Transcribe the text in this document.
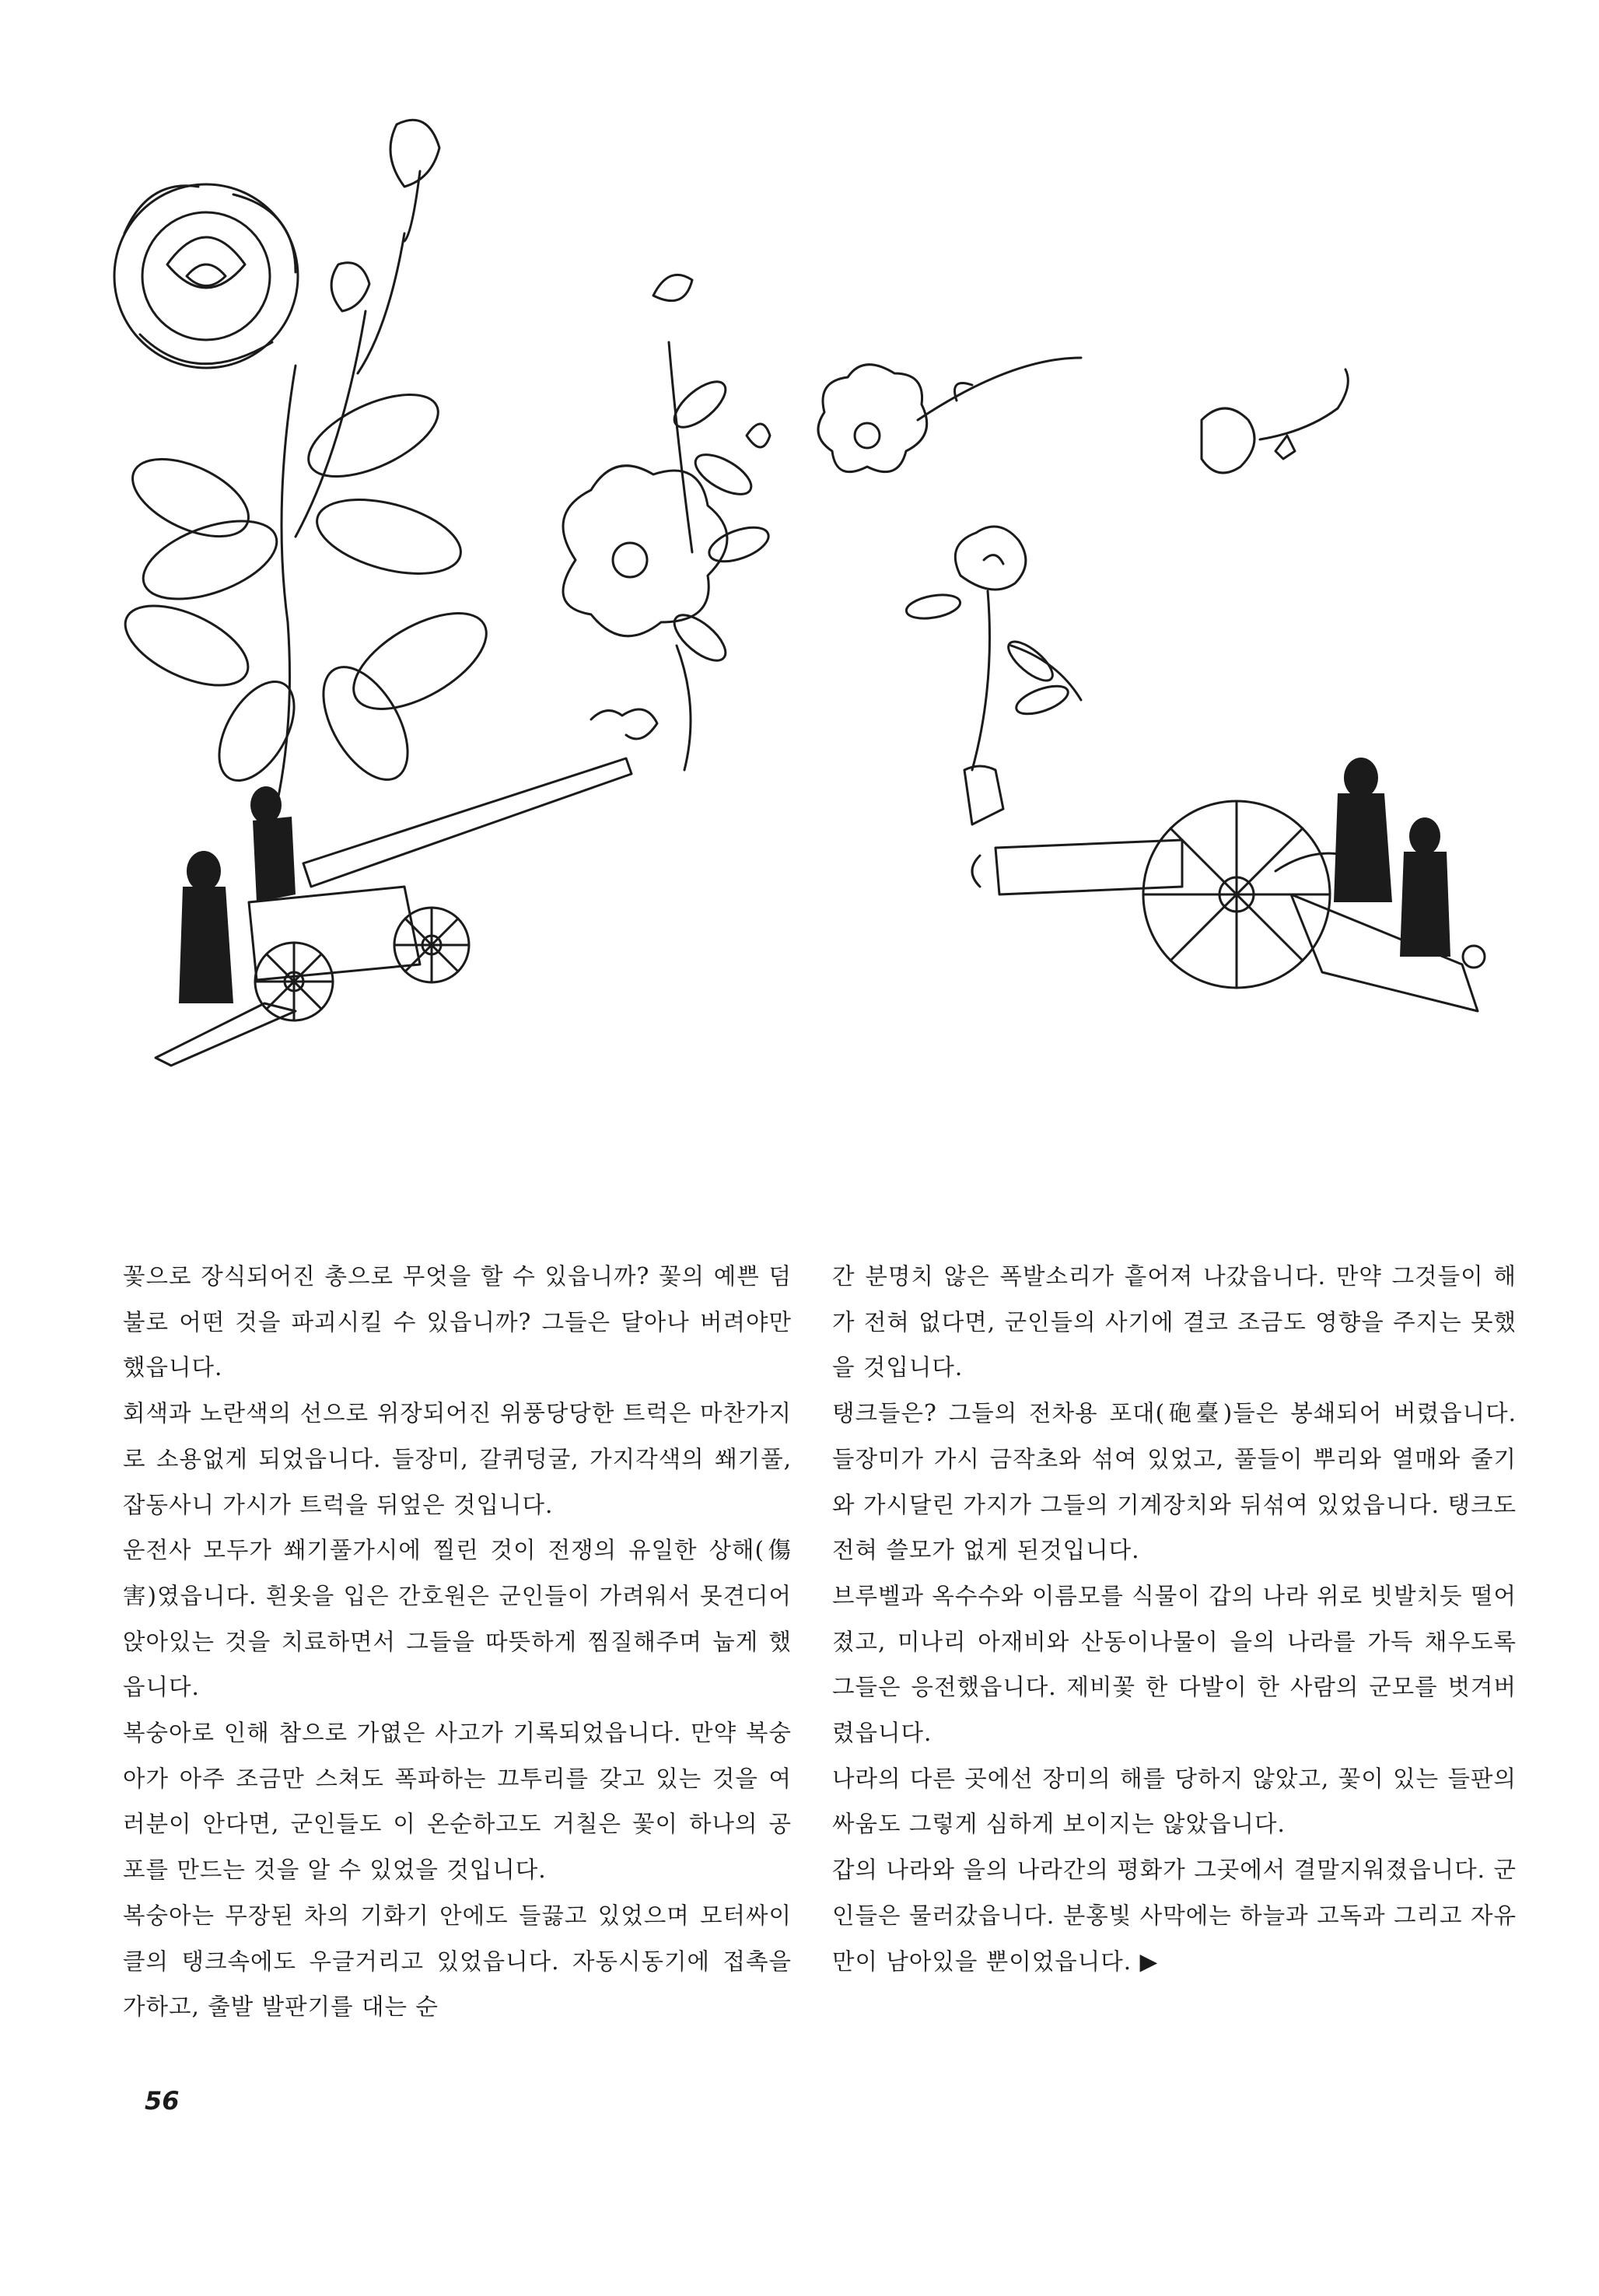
꽃으로 장식되어진 총으로 무엇을 할 수 있읍니까? 꽃의 예쁜 덤불로 어떤 것을 파괴시킬 수 있읍니까? 그들은 달아나 버려야만 했읍니다.

회색과 노란색의 선으로 위장되어진 위풍당당한 트럭은 마찬가지로 소용없게 되었읍니다. 들장미, 갈퀴덩굴, 가지각색의 쐐기풀, 잡동사니 가시가 트럭을 뒤엎은 것입니다.

운전사 모두가 쐐기풀가시에 찔린 것이 전쟁의 유일한 상해(傷害)였읍니다. 흰옷을 입은 간호원은 군인들이 가려워서 못견디어 앉아있는 것을 치료하면서 그들을 따뜻하게 찜질해주며 눕게 했읍니다.

복숭아로 인해 참으로 가엾은 사고가 기록되었읍니다. 만약 복숭아가 아주 조금만 스쳐도 폭파하는 끄투리를 갖고 있는 것을 여러분이 안다면, 군인들도 이 온순하고도 거칠은 꽃이 하나의 공포를 만드는 것을 알 수 있었을 것입니다.

복숭아는 무장된 차의 기화기 안에도 들끓고 있었으며 모터싸이클의 탱크속에도 우글거리고 있었읍니다. 자동시동기에 접촉을 가하고, 출발 발판기를 대는 순

간 분명치 않은 폭발소리가 흩어져 나갔읍니다. 만약 그것들이 해가 전혀 없다면, 군인들의 사기에 결코 조금도 영향을 주지는 못했을 것입니다.

탱크들은? 그들의 전차용 포대(砲臺)들은 봉쇄되어 버렸읍니다. 들장미가 가시 금작초와 섞여 있었고, 풀들이 뿌리와 열매와 줄기와 가시달린 가지가 그들의 기계장치와 뒤섞여 있었읍니다. 탱크도 전혀 쓸모가 없게 된것입니다.

브루벨과 옥수수와 이름모를 식물이 갑의 나라 위로 빗발치듯 떨어졌고, 미나리 아재비와 산동이나물이 을의 나라를 가득 채우도록 그들은 응전했읍니다. 제비꽃 한 다발이 한 사람의 군모를 벗겨버렸읍니다.

나라의 다른 곳에선 장미의 해를 당하지 않았고, 꽃이 있는 들판의 싸움도 그렇게 심하게 보이지는 않았읍니다.

갑의 나라와 을의 나라간의 평화가 그곳에서 결말지워졌읍니다. 군인들은 물러갔읍니다. 분홍빛 사막에는 하늘과 고독과 그리고 자유만이 남아있을 뿐이었읍니다. ▶

56
